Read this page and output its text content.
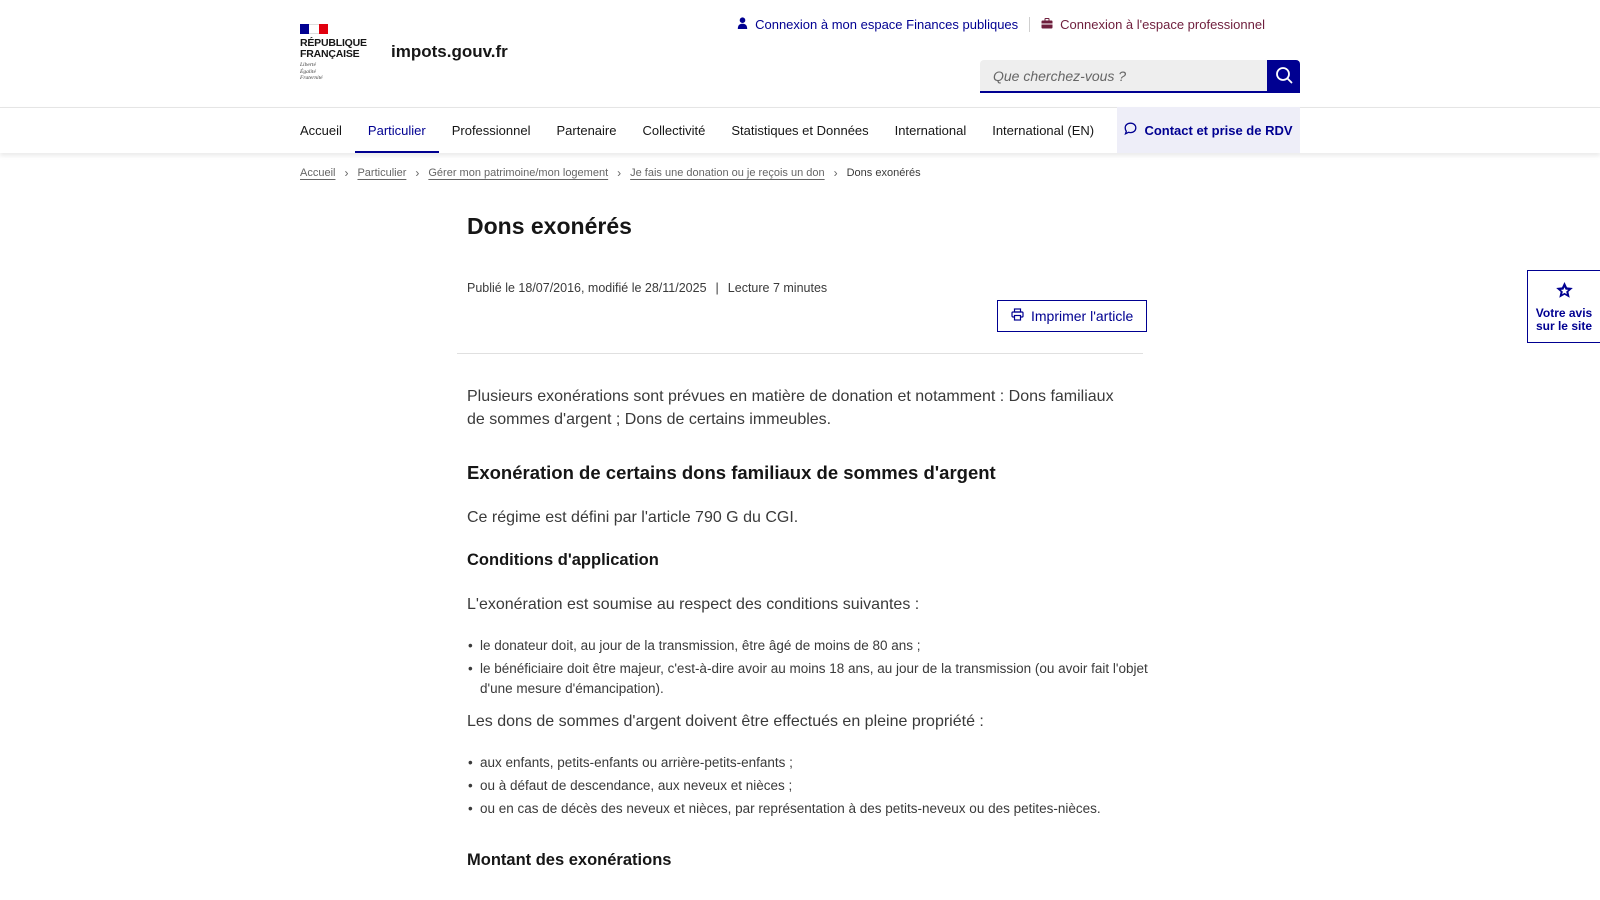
RÉPUBLIQUE
FRANÇAISE
Liberté
Égalité
Fraternité
impots.gouv.fr
Connexion à mon espace Finances publiques	Connexion à l'espace professionnel
Que cherchez-vous ?
Accueil	Particulier	Professionnel	Partenaire	Collectivité	Statistiques et Données	International	International (EN)	Contact et prise de RDV
Accueil › Particulier › Gérer mon patrimoine/mon logement › Je fais une donation ou je reçois un don › Dons exonérés
Dons exonérés
Publié le 18/07/2016, modifié le 28/11/2025 | Lecture 7 minutes
Imprimer l'article

Plusieurs exonérations sont prévues en matière de donation et notamment : Dons familiaux de sommes d'argent ; Dons de certains immeubles.

Exonération de certains dons familiaux de sommes d'argent

Ce régime est défini par l'article 790 G du CGI.

Conditions d'application

L'exonération est soumise au respect des conditions suivantes :

• le donateur doit, au jour de la transmission, être âgé de moins de 80 ans ;
• le bénéficiaire doit être majeur, c'est-à-dire avoir au moins 18 ans, au jour de la transmission (ou avoir fait l'objet d'une mesure d'émancipation).

Les dons de sommes d'argent doivent être effectués en pleine propriété :

• aux enfants, petits-enfants ou arrière-petits-enfants ;
• ou à défaut de descendance, aux neveux et nièces ;
• ou en cas de décès des neveux et nièces, par représentation à des petits-neveux ou des petites-nièces.
Montant des exonérations
Votre avis
sur le site
